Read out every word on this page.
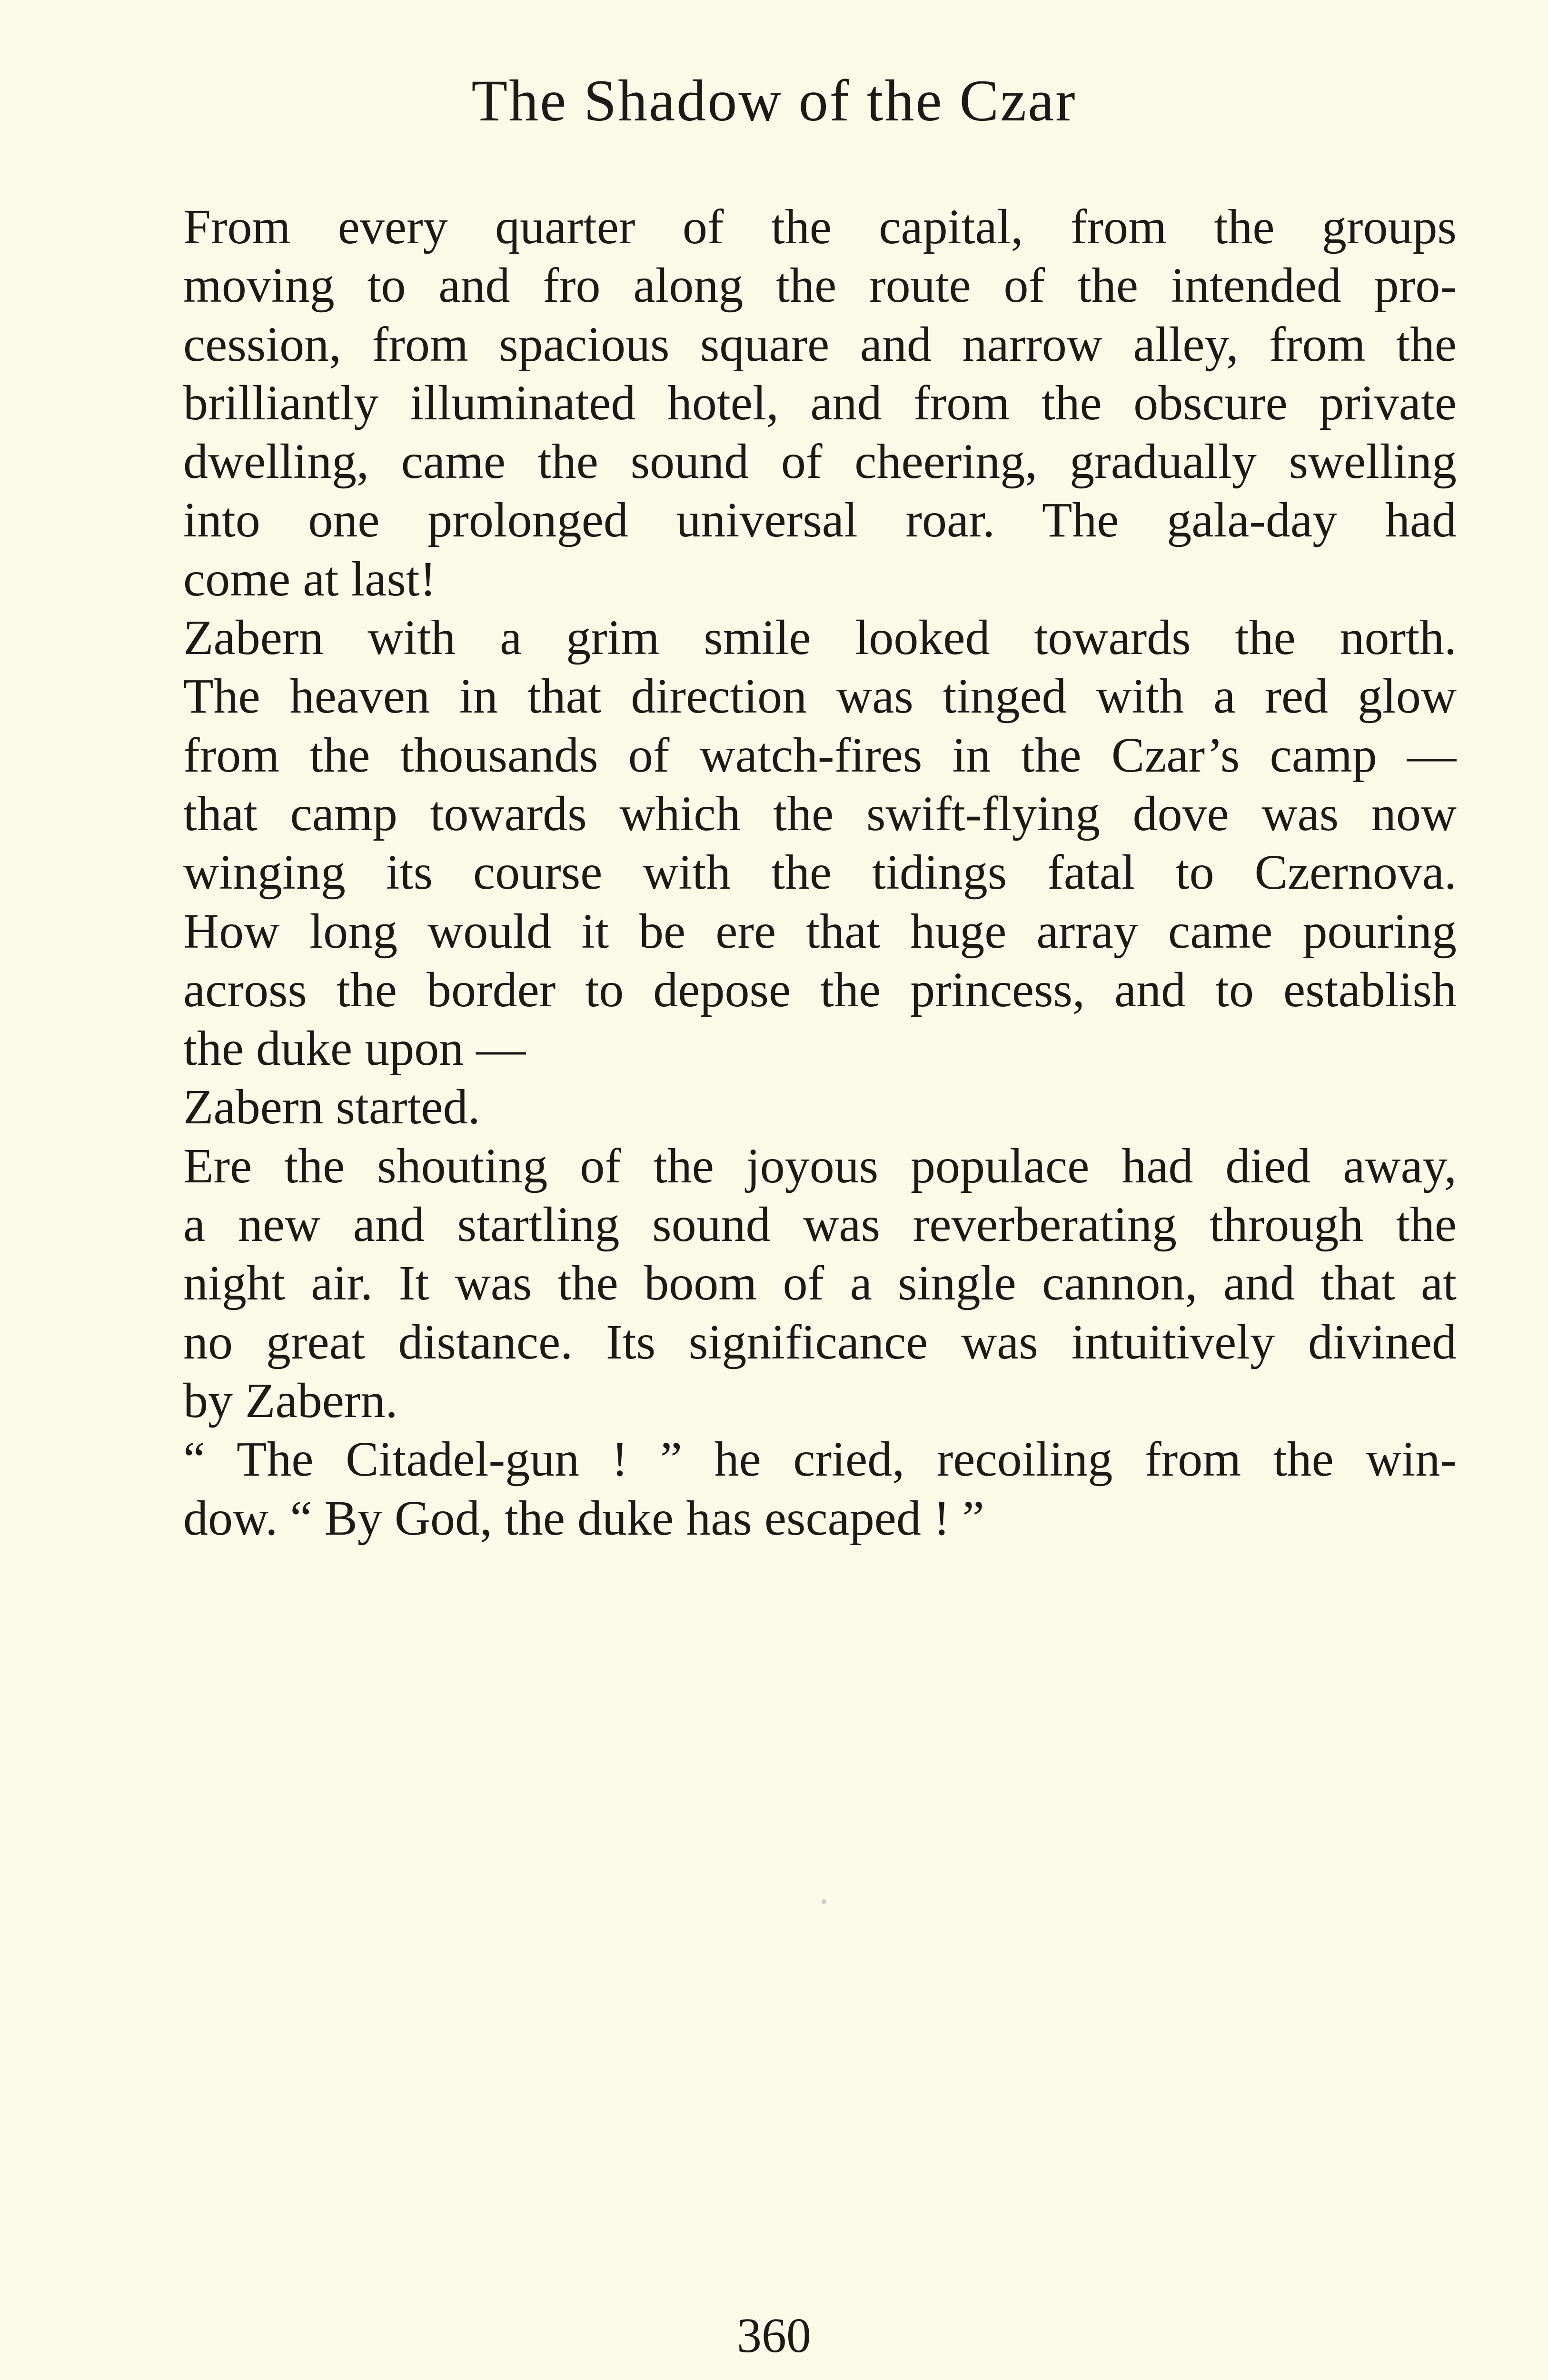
The Shadow of the Czar
From every quarter of the capital, from the groups
moving to and fro along the route of the intended pro-
cession, from spacious square and narrow alley, from the
brilliantly illuminated hotel, and from the obscure private
dwelling, came the sound of cheering, gradually swelling
into one prolonged universal roar. The gala-day had
come at last!
Zabern with a grim smile looked towards the north.
The heaven in that direction was tinged with a red glow
from the thousands of watch-fires in the Czar’s camp —
that camp towards which the swift-flying dove was now
winging its course with the tidings fatal to Czernova.
How long would it be ere that huge array came pouring
across the border to depose the princess, and to establish
the duke upon —
Zabern started.
Ere the shouting of the joyous populace had died away,
a new and startling sound was reverberating through the
night air. It was the boom of a single cannon, and that at
no great distance. Its significance was intuitively divined
by Zabern.
“ The Citadel-gun ! ” he cried, recoiling from the win-
dow. “ By God, the duke has escaped ! ”
360
